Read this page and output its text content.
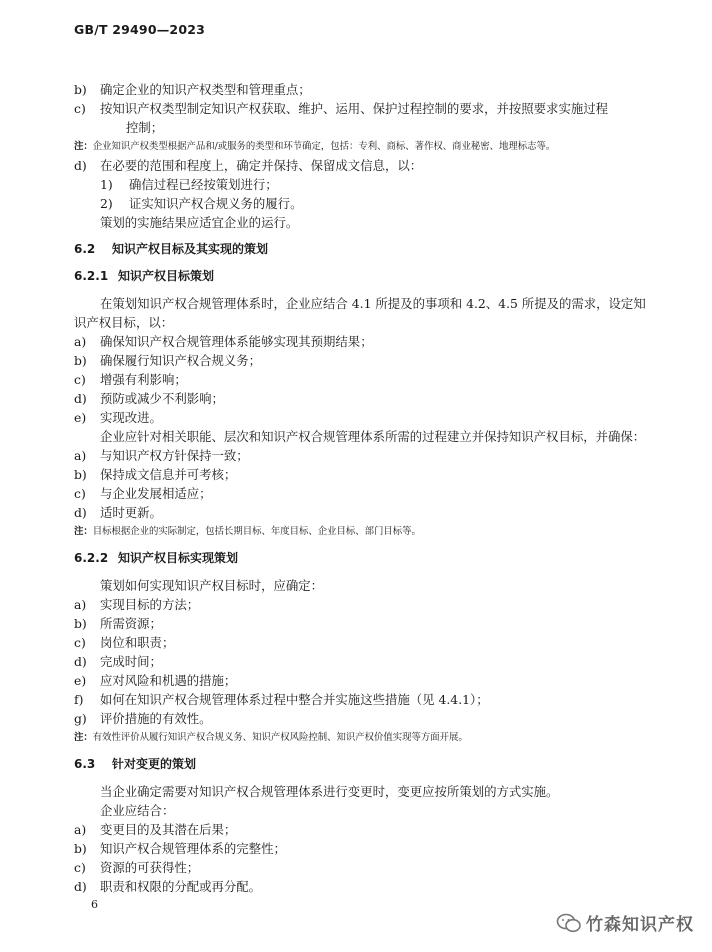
GB/T 29490—2023
b) 确定企业的知识产权类型和管理重点；
c) 按知识产权类型制定知识产权获取、维护、运用、保护过程控制的要求，并按照要求实施过程
控制；
注：企业知识产权类型根据产品和/或服务的类型和环节确定，包括：专利、商标、著作权、商业秘密、地理标志等。
d) 在必要的范围和程度上，确定并保持、保留成文信息，以：
1) 确信过程已经按策划进行；
2) 证实知识产权合规义务的履行。
策划的实施结果应适宜企业的运行。
6.2 知识产权目标及其实现的策划
6.2.1 知识产权目标策划
在策划知识产权合规管理体系时，企业应结合 4.1 所提及的事项和 4.2、4.5 所提及的需求，设定知
识产权目标，以：
a) 确保知识产权合规管理体系能够实现其预期结果；
b) 确保履行知识产权合规义务；
c) 增强有利影响；
d) 预防或减少不利影响；
e) 实现改进。
企业应针对相关职能、层次和知识产权合规管理体系所需的过程建立并保持知识产权目标，并确保：
a) 与知识产权方针保持一致；
b) 保持成文信息并可考核；
c) 与企业发展相适应；
d) 适时更新。
注：目标根据企业的实际制定，包括长期目标、年度目标、企业目标、部门目标等。
6.2.2 知识产权目标实现策划
策划如何实现知识产权目标时，应确定：
a) 实现目标的方法；
b) 所需资源；
c) 岗位和职责；
d) 完成时间；
e) 应对风险和机遇的措施；
f) 如何在知识产权合规管理体系过程中整合并实施这些措施（见 4.4.1）；
g) 评价措施的有效性。
注：有效性评价从履行知识产权合规义务、知识产权风险控制、知识产权价值实现等方面开展。
6.3 针对变更的策划
当企业确定需要对知识产权合规管理体系进行变更时，变更应按所策划的方式实施。
企业应结合：
a) 变更目的及其潜在后果；
b) 知识产权合规管理体系的完整性；
c) 资源的可获得性；
d) 职责和权限的分配或再分配。
6
竹森知识产权
